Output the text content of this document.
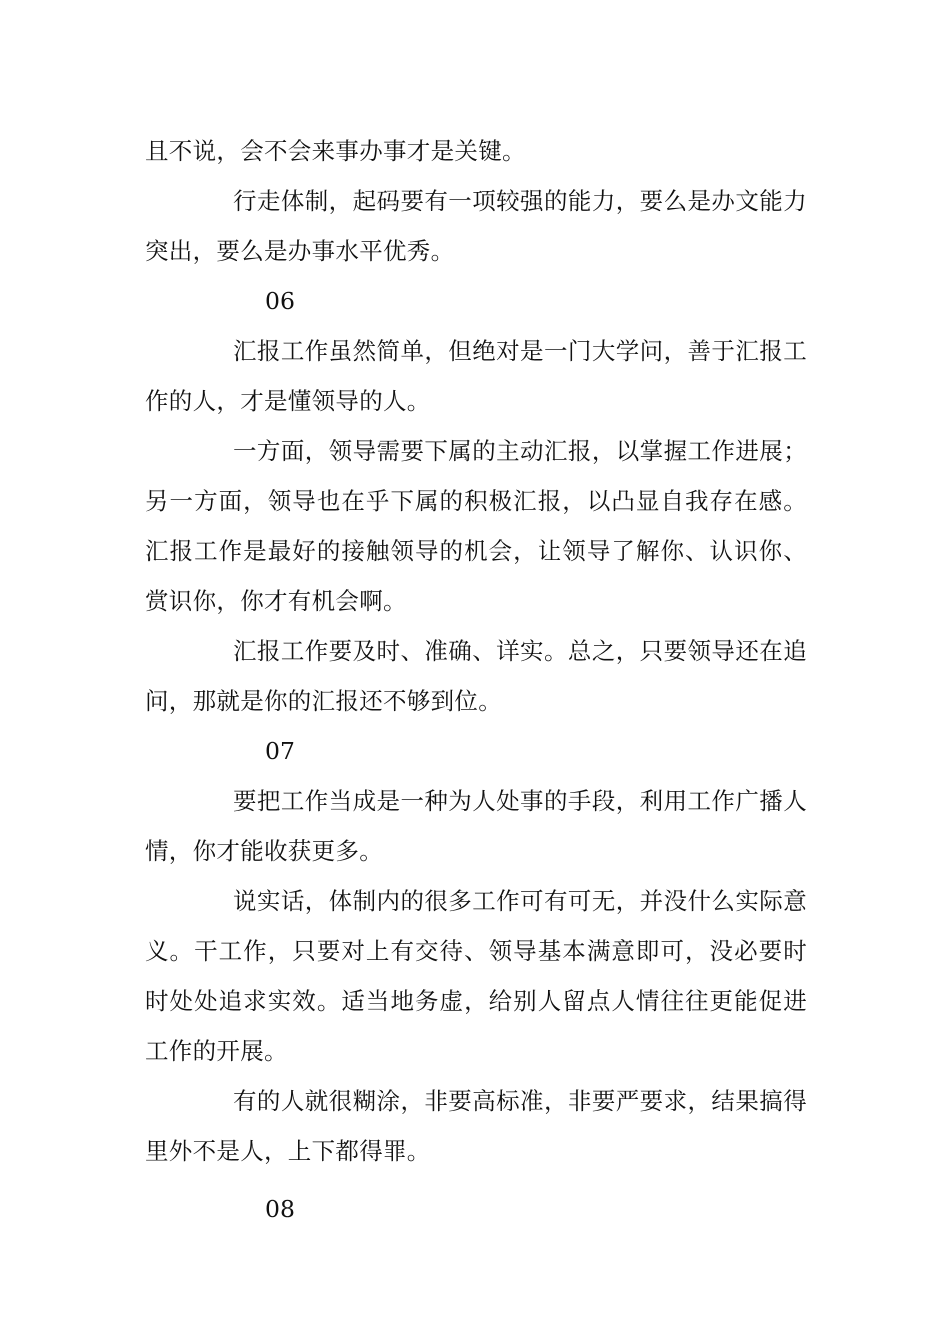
且不说，会不会来事办事才是关键。

行走体制，起码要有一项较强的能力，要么是办文能力突出，要么是办事水平优秀。

06

汇报工作虽然简单，但绝对是一门大学问，善于汇报工作的人，才是懂领导的人。

一方面，领导需要下属的主动汇报，以掌握工作进展；另一方面，领导也在乎下属的积极汇报，以凸显自我存在感。汇报工作是最好的接触领导的机会，让领导了解你、认识你、赏识你，你才有机会啊。

汇报工作要及时、准确、详实。总之，只要领导还在追问，那就是你的汇报还不够到位。

07

要把工作当成是一种为人处事的手段，利用工作广播人情，你才能收获更多。

说实话，体制内的很多工作可有可无，并没什么实际意义。干工作，只要对上有交待、领导基本满意即可，没必要时时处处追求实效。适当地务虚，给别人留点人情往往更能促进工作的开展。

有的人就很糊涂，非要高标准，非要严要求，结果搞得里外不是人，上下都得罪。

08
